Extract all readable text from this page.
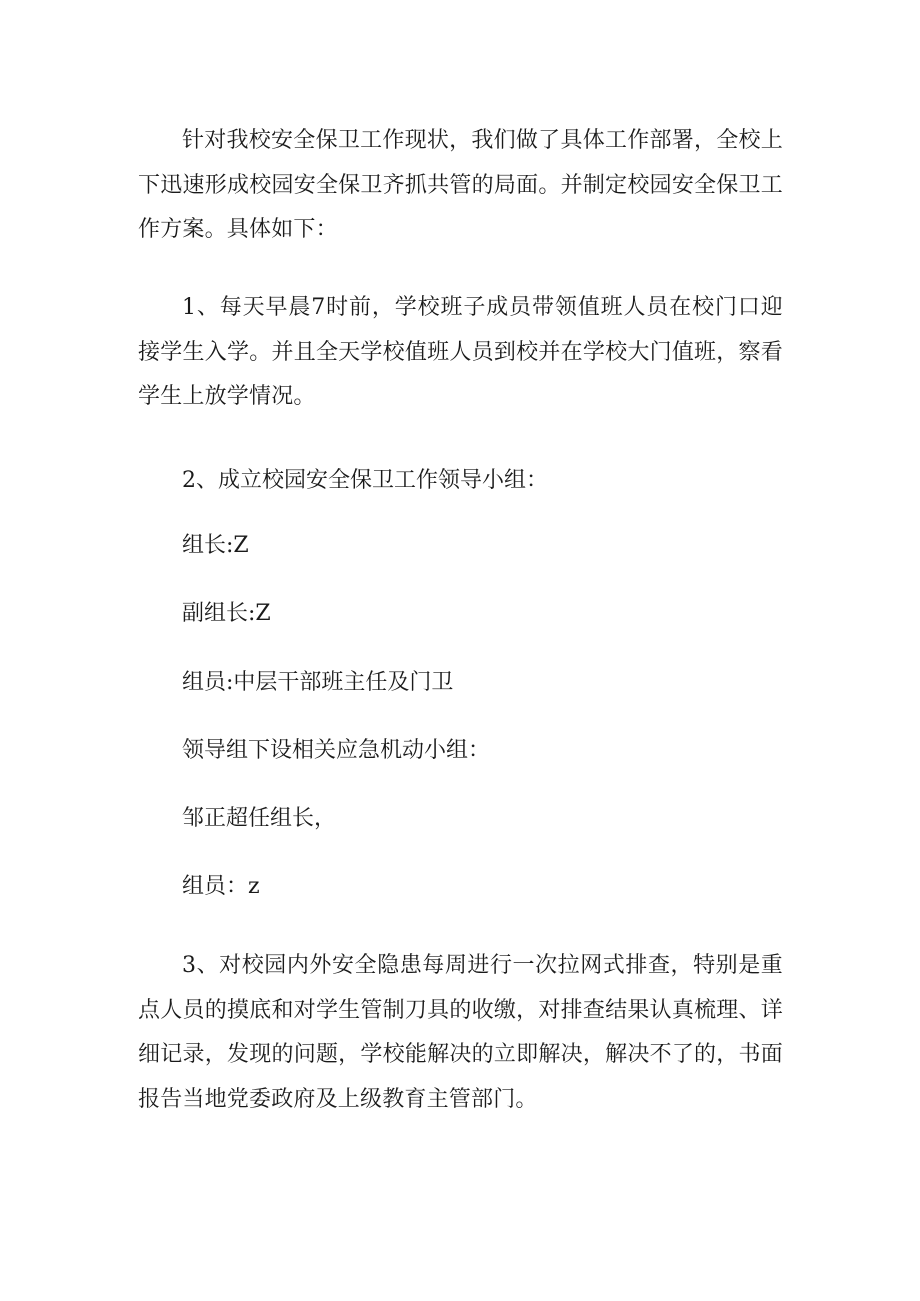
针对我校安全保卫工作现状，我们做了具体工作部署，全校上下迅速形成校园安全保卫齐抓共管的局面。并制定校园安全保卫工作方案。具体如下：

1、每天早晨7时前，学校班子成员带领值班人员在校门口迎接学生入学。并且全天学校值班人员到校并在学校大门值班，察看学生上放学情况。

2、成立校园安全保卫工作领导小组：

组长:Z

副组长:Z

组员:中层干部班主任及门卫

领导组下设相关应急机动小组：

邹正超任组长，

组员：z

3、对校园内外安全隐患每周进行一次拉网式排查，特别是重点人员的摸底和对学生管制刀具的收缴，对排查结果认真梳理、详细记录，发现的问题，学校能解决的立即解决，解决不了的，书面报告当地党委政府及上级教育主管部门。
